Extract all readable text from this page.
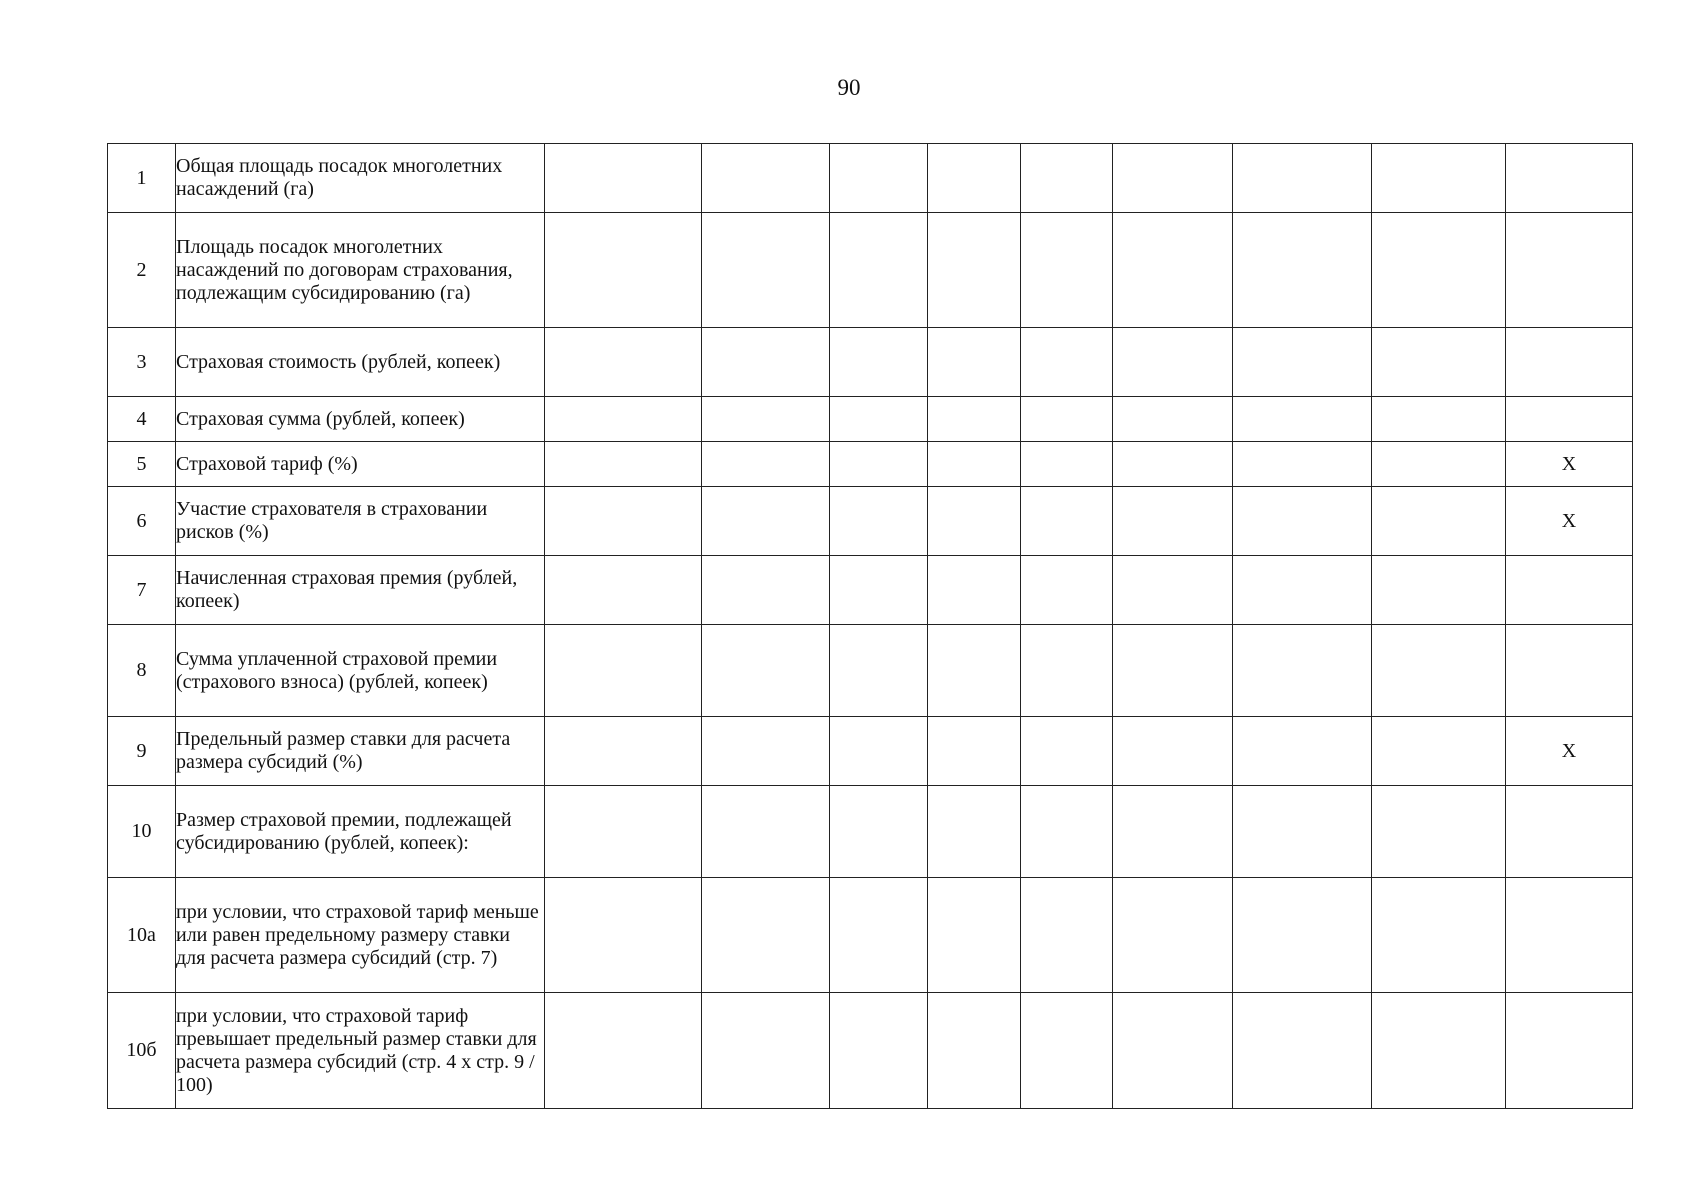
90
1	Общая площадь посадок многолетних насаждений (га)									
2	Площадь посадок многолетних насаждений по договорам страхования, подлежащим субсидированию (га)									
3	Страховая стоимость (рублей, копеек)									
4	Страховая сумма (рублей, копеек)									
5	Страховой тариф (%)									Х
6	Участие страхователя в страховании рисков (%)									Х
7	Начисленная страховая премия (рублей, копеек)									
8	Сумма уплаченной страховой премии (страхового взноса) (рублей, копеек)									
9	Предельный размер ставки для расчета размера субсидий (%)									Х
10	Размер страховой премии, подлежащей субсидированию (рублей, копеек):									
10а	при условии, что страховой тариф меньше или равен предельному размеру ставки для расчета размера субсидий (стр. 7)									
10б	при условии, что страховой тариф превышает предельный размер ставки для расчета размера субсидий (стр. 4 х стр. 9 / 100)									
